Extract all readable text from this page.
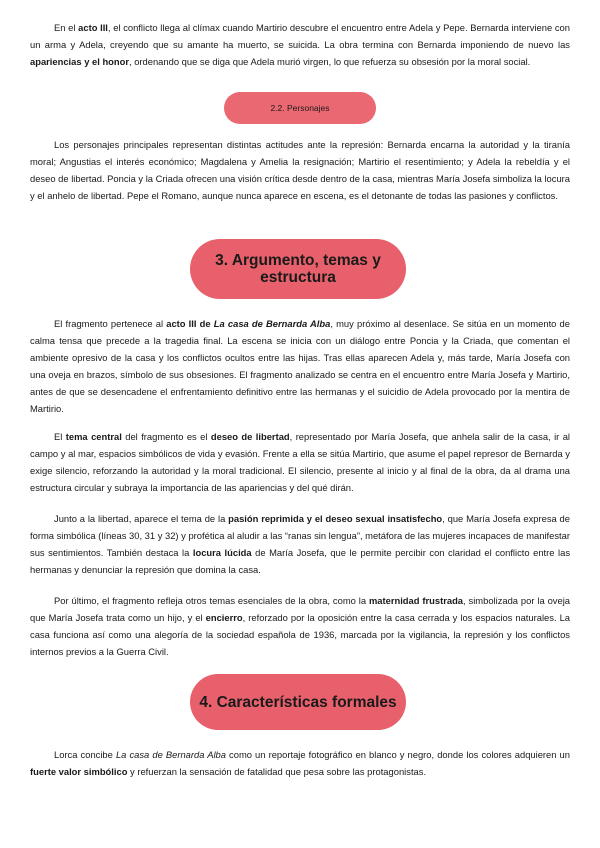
En el acto III, el conflicto llega al clímax cuando Martirio descubre el encuentro entre Adela y Pepe. Bernarda interviene con un arma y Adela, creyendo que su amante ha muerto, se suicida. La obra termina con Bernarda imponiendo de nuevo las apariencias y el honor, ordenando que se diga que Adela murió virgen, lo que refuerza su obsesión por la moral social.

2.2. Personajes

Los personajes principales representan distintas actitudes ante la represión: Bernarda encarna la autoridad y la tiranía moral; Angustias el interés económico; Magdalena y Amelia la resignación; Martirio el resentimiento; y Adela la rebeldía y el deseo de libertad. Poncia y la Criada ofrecen una visión crítica desde dentro de la casa, mientras María Josefa simboliza la locura y el anhelo de libertad. Pepe el Romano, aunque nunca aparece en escena, es el detonante de todas las pasiones y conflictos.

3. Argumento, temas y estructura

El fragmento pertenece al acto III de La casa de Bernarda Alba, muy próximo al desenlace. Se sitúa en un momento de calma tensa que precede a la tragedia final. La escena se inicia con un diálogo entre Poncia y la Criada, que comentan el ambiente opresivo de la casa y los conflictos ocultos entre las hijas. Tras ellas aparecen Adela y, más tarde, María Josefa con una oveja en brazos, símbolo de sus obsesiones. El fragmento analizado se centra en el encuentro entre María Josefa y Martirio, antes de que se desencadene el enfrentamiento definitivo entre las hermanas y el suicidio de Adela provocado por la mentira de Martirio.

El tema central del fragmento es el deseo de libertad, representado por María Josefa, que anhela salir de la casa, ir al campo y al mar, espacios simbólicos de vida y evasión. Frente a ella se sitúa Martirio, que asume el papel represor de Bernarda y exige silencio, reforzando la autoridad y la moral tradicional. El silencio, presente al inicio y al final de la obra, da al drama una estructura circular y subraya la importancia de las apariencias y del qué dirán.

Junto a la libertad, aparece el tema de la pasión reprimida y el deseo sexual insatisfecho, que María Josefa expresa de forma simbólica (líneas 30, 31 y 32) y profética al aludir a las “ranas sin lengua”, metáfora de las mujeres incapaces de manifestar sus sentimientos. También destaca la locura lúcida de María Josefa, que le permite percibir con claridad el conflicto entre las hermanas y denunciar la represión que domina la casa.

Por último, el fragmento refleja otros temas esenciales de la obra, como la maternidad frustrada, simbolizada por la oveja que María Josefa trata como un hijo, y el encierro, reforzado por la oposición entre la casa cerrada y los espacios naturales. La casa funciona así como una alegoría de la sociedad española de 1936, marcada por la vigilancia, la represión y los conflictos internos previos a la Guerra Civil.

4. Características formales

Lorca concibe La casa de Bernarda Alba como un reportaje fotográfico en blanco y negro, donde los colores adquieren un fuerte valor simbólico y refuerzan la sensación de fatalidad que pesa sobre las protagonistas.
